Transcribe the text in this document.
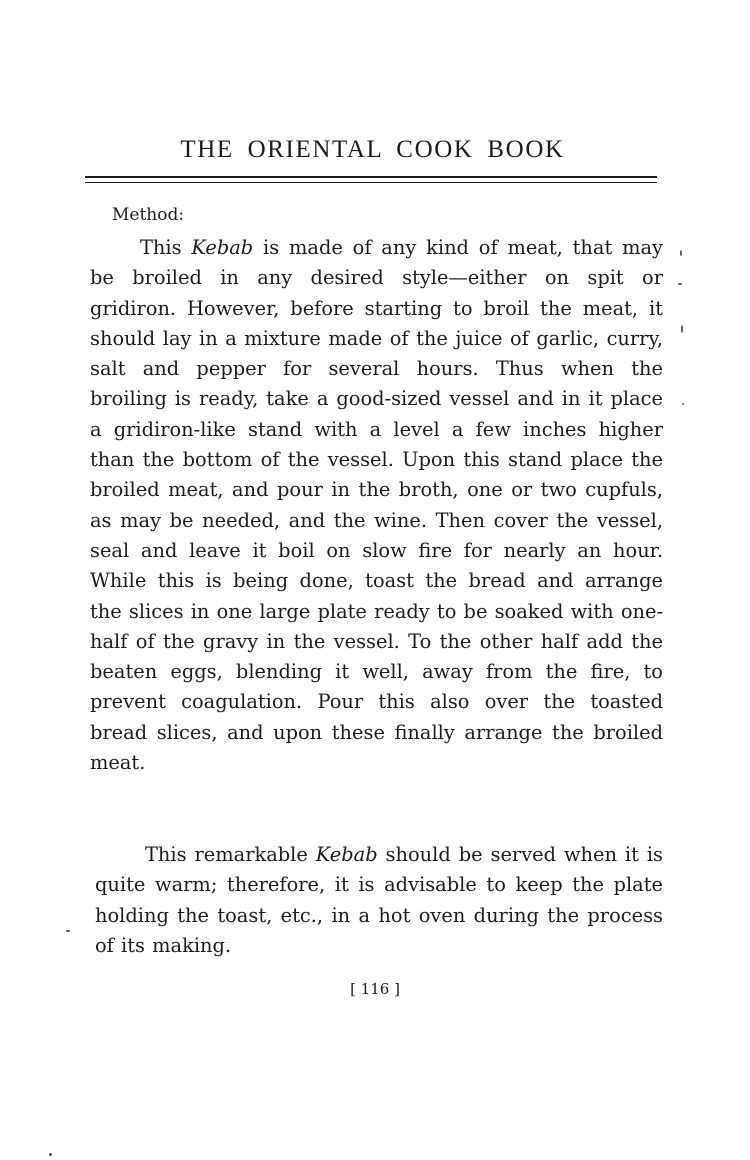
THE ORIENTAL COOK BOOK
Method:

This Kebab is made of any kind of meat, that may be broiled in any desired style—either on spit or gridiron. However, before starting to broil the meat, it should lay in a mixture made of the juice of garlic, curry, salt and pepper for several hours. Thus when the broiling is ready, take a good-sized vessel and in it place a gridiron-like stand with a level a few inches higher than the bottom of the vessel. Upon this stand place the broiled meat, and pour in the broth, one or two cupfuls, as may be needed, and the wine. Then cover the vessel, seal and leave it boil on slow fire for nearly an hour. While this is being done, toast the bread and arrange the slices in one large plate ready to be soaked with one-half of the gravy in the vessel. To the other half add the beaten eggs, blending it well, away from the fire, to prevent coagulation. Pour this also over the toasted bread slices, and upon these finally arrange the broiled meat.

This remarkable Kebab should be served when it is quite warm; therefore, it is advisable to keep the plate holding the toast, etc., in a hot oven during the process of its making.

[ 116 ]
